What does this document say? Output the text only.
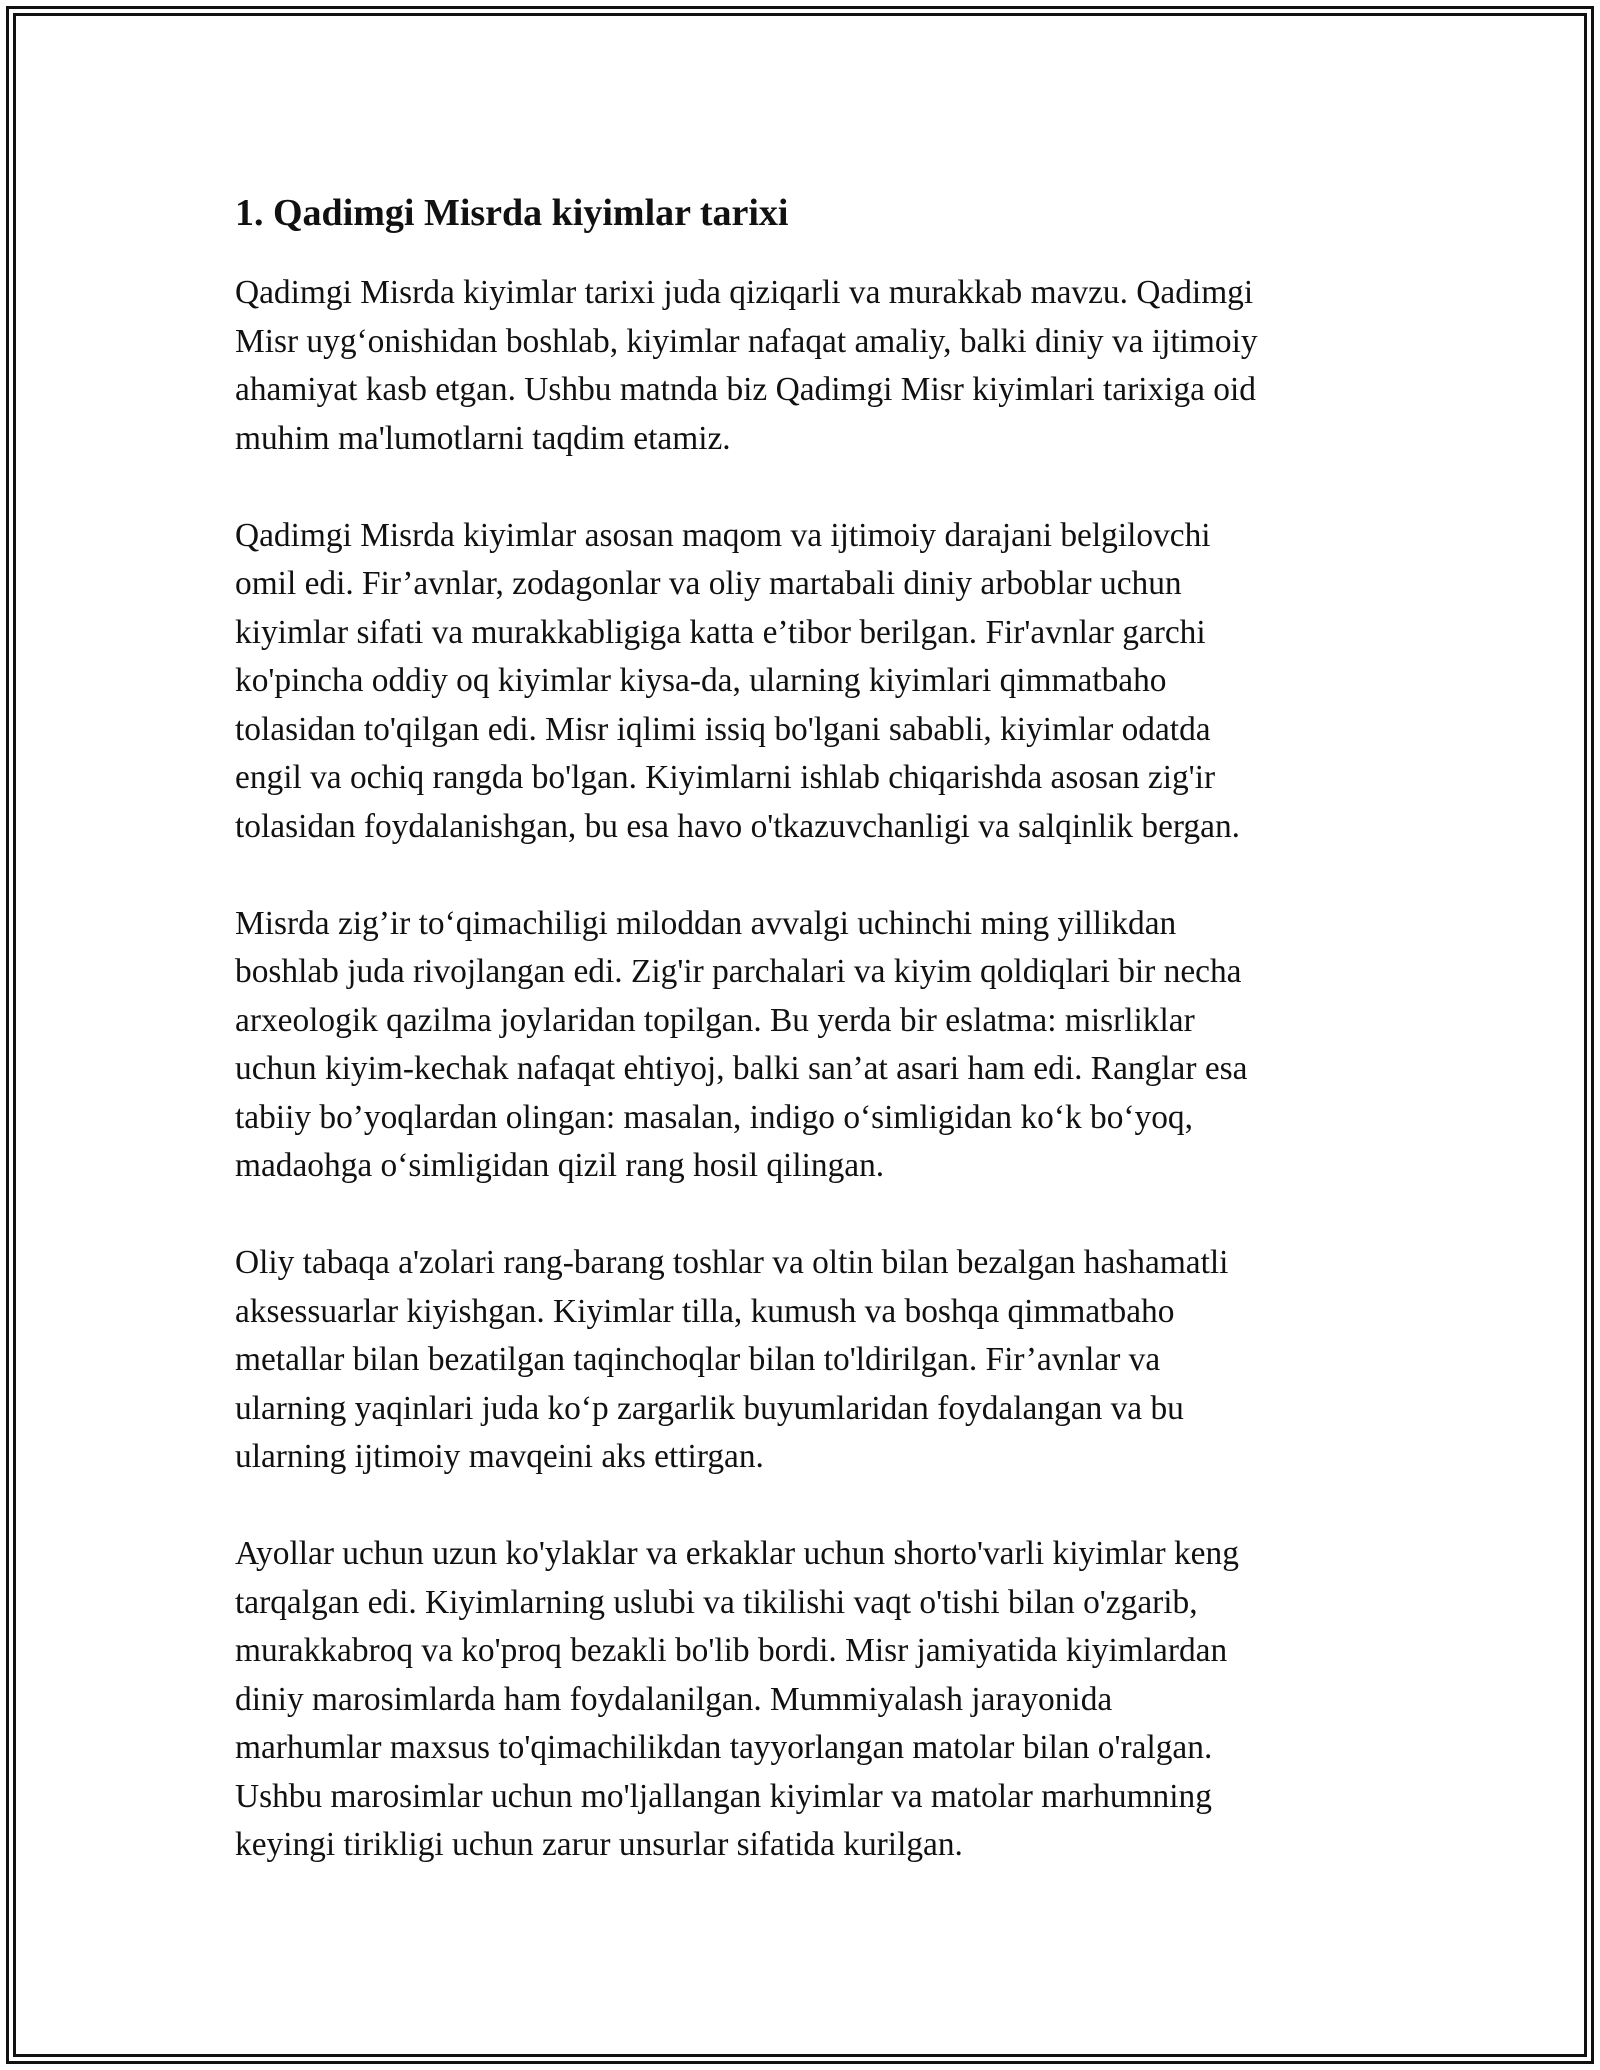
1. Qadimgi Misrda kiyimlar tarixi

Qadimgi Misrda kiyimlar tarixi juda qiziqarli va murakkab mavzu. Qadimgi
Misr uyg‘onishidan boshlab, kiyimlar nafaqat amaliy, balki diniy va ijtimoiy
ahamiyat kasb etgan. Ushbu matnda biz Qadimgi Misr kiyimlari tarixiga oid
muhim ma'lumotlarni taqdim etamiz.

Qadimgi Misrda kiyimlar asosan maqom va ijtimoiy darajani belgilovchi
omil edi. Fir’avnlar, zodagonlar va oliy martabali diniy arboblar uchun
kiyimlar sifati va murakkabligiga katta e’tibor berilgan. Fir'avnlar garchi
ko'pincha oddiy oq kiyimlar kiysa-da, ularning kiyimlari qimmatbaho
tolasidan to'qilgan edi. Misr iqlimi issiq bo'lgani sababli, kiyimlar odatda
engil va ochiq rangda bo'lgan. Kiyimlarni ishlab chiqarishda asosan zig'ir
tolasidan foydalanishgan, bu esa havo o'tkazuvchanligi va salqinlik bergan.

Misrda zig’ir to‘qimachiligi miloddan avvalgi uchinchi ming yillikdan
boshlab juda rivojlangan edi. Zig'ir parchalari va kiyim qoldiqlari bir necha
arxeologik qazilma joylaridan topilgan. Bu yerda bir eslatma: misrliklar
uchun kiyim-kechak nafaqat ehtiyoj, balki san’at asari ham edi. Ranglar esa
tabiiy bo’yoqlardan olingan: masalan, indigo o‘simligidan ko‘k bo‘yoq,
madaohga o‘simligidan qizil rang hosil qilingan.

Oliy tabaqa a'zolari rang-barang toshlar va oltin bilan bezalgan hashamatli
aksessuarlar kiyishgan. Kiyimlar tilla, kumush va boshqa qimmatbaho
metallar bilan bezatilgan taqinchoqlar bilan to'ldirilgan. Fir’avnlar va
ularning yaqinlari juda ko‘p zargarlik buyumlaridan foydalangan va bu
ularning ijtimoiy mavqeini aks ettirgan.

Ayollar uchun uzun ko'ylaklar va erkaklar uchun shorto'varli kiyimlar keng
tarqalgan edi. Kiyimlarning uslubi va tikilishi vaqt o'tishi bilan o'zgarib,
murakkabroq va ko'proq bezakli bo'lib bordi. Misr jamiyatida kiyimlardan
diniy marosimlarda ham foydalanilgan. Mummiyalash jarayonida
marhumlar maxsus to'qimachilikdan tayyorlangan matolar bilan o'ralgan.
Ushbu marosimlar uchun mo'ljallangan kiyimlar va matolar marhumning
keyingi tirikligi uchun zarur unsurlar sifatida kurilgan.
